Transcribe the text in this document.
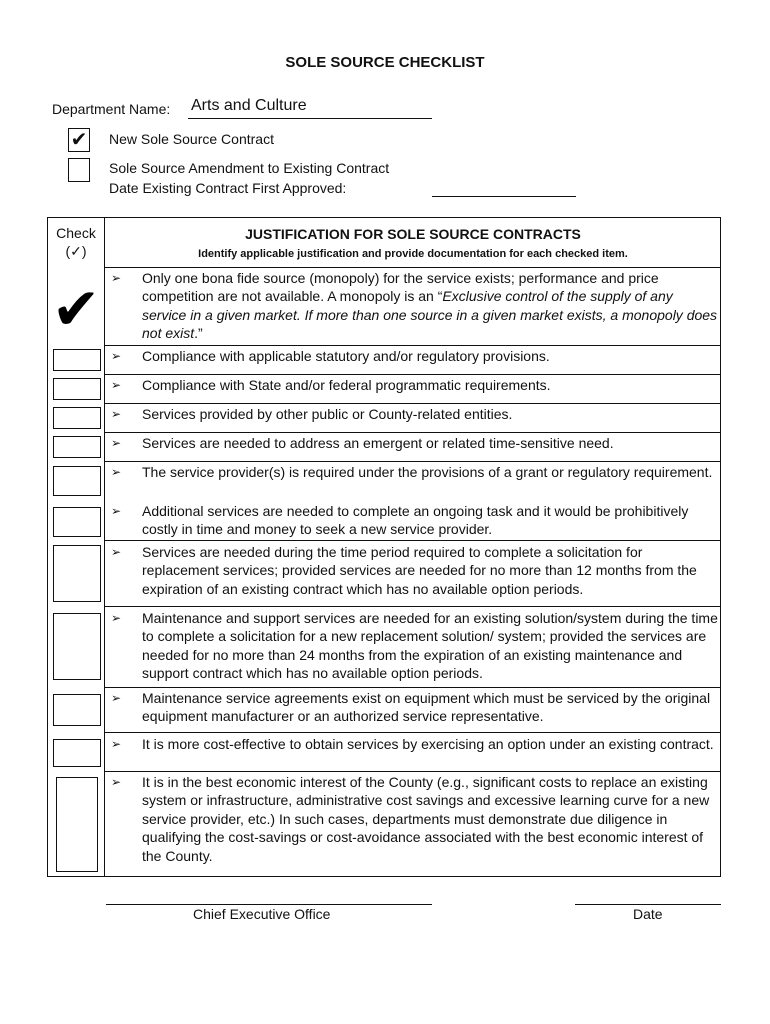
SOLE SOURCE CHECKLIST
Department Name: Arts and Culture
✔ New Sole Source Contract
Sole Source Amendment to Existing Contract
Date Existing Contract First Approved:
Check
(✓)
JUSTIFICATION FOR SOLE SOURCE CONTRACTS
Identify applicable justification and provide documentation for each checked item.
✔ ➢ Only one bona fide source (monopoly) for the service exists; performance and price competition are not available. A monopoly is an “Exclusive control of the supply of any service in a given market. If more than one source in a given market exists, a monopoly does not exist.”
➢ Compliance with applicable statutory and/or regulatory provisions.
➢ Compliance with State and/or federal programmatic requirements.
➢ Services provided by other public or County-related entities.
➢ Services are needed to address an emergent or related time-sensitive need.
➢ The service provider(s) is required under the provisions of a grant or regulatory requirement.
➢ Additional services are needed to complete an ongoing task and it would be prohibitively costly in time and money to seek a new service provider.
➢ Services are needed during the time period required to complete a solicitation for replacement services; provided services are needed for no more than 12 months from the expiration of an existing contract which has no available option periods.
➢ Maintenance and support services are needed for an existing solution/system during the time to complete a solicitation for a new replacement solution/ system; provided the services are needed for no more than 24 months from the expiration of an existing maintenance and support contract which has no available option periods.
➢ Maintenance service agreements exist on equipment which must be serviced by the original equipment manufacturer or an authorized service representative.
➢ It is more cost-effective to obtain services by exercising an option under an existing contract.
➢ It is in the best economic interest of the County (e.g., significant costs to replace an existing system or infrastructure, administrative cost savings and excessive learning curve for a new service provider, etc.) In such cases, departments must demonstrate due diligence in qualifying the cost-savings or cost-avoidance associated with the best economic interest of the County.
Chief Executive Office	Date
